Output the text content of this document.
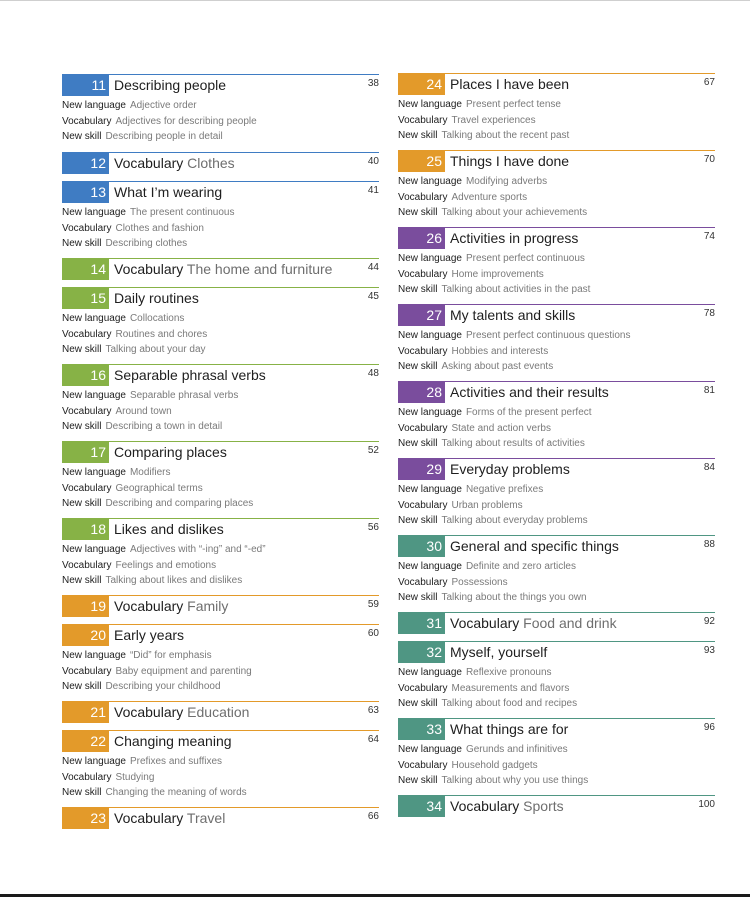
11 Describing people	38
New language Adjective order
Vocabulary Adjectives for describing people
New skill Describing people in detail
12 Vocabulary Clothes	40
13 What I’m wearing	41
New language The present continuous
Vocabulary Clothes and fashion
New skill Describing clothes
14 Vocabulary The home and furniture	44
15 Daily routines	45
New language Collocations
Vocabulary Routines and chores
New skill Talking about your day
16 Separable phrasal verbs	48
New language Separable phrasal verbs
Vocabulary Around town
New skill Describing a town in detail
17 Comparing places	52
New language Modifiers
Vocabulary Geographical terms
New skill Describing and comparing places
18 Likes and dislikes	56
New language Adjectives with “-ing” and “-ed”
Vocabulary Feelings and emotions
New skill Talking about likes and dislikes
19 Vocabulary Family	59
20 Early years	60
New language “Did” for emphasis
Vocabulary Baby equipment and parenting
New skill Describing your childhood
21 Vocabulary Education	63
22 Changing meaning	64
New language Prefixes and suffixes
Vocabulary Studying
New skill Changing the meaning of words
23 Vocabulary Travel	66
24 Places I have been	67
New language Present perfect tense
Vocabulary Travel experiences
New skill Talking about the recent past
25 Things I have done	70
New language Modifying adverbs
Vocabulary Adventure sports
New skill Talking about your achievements
26 Activities in progress	74
New language Present perfect continuous
Vocabulary Home improvements
New skill Talking about activities in the past
27 My talents and skills	78
New language Present perfect continuous questions
Vocabulary Hobbies and interests
New skill Asking about past events
28 Activities and their results	81
New language Forms of the present perfect
Vocabulary State and action verbs
New skill Talking about results of activities
29 Everyday problems	84
New language Negative prefixes
Vocabulary Urban problems
New skill Talking about everyday problems
30 General and specific things	88
New language Definite and zero articles
Vocabulary Possessions
New skill Talking about the things you own
31 Vocabulary Food and drink	92
32 Myself, yourself	93
New language Reflexive pronouns
Vocabulary Measurements and flavors
New skill Talking about food and recipes
33 What things are for	96
New language Gerunds and infinitives
Vocabulary Household gadgets
New skill Talking about why you use things
34 Vocabulary Sports	100
